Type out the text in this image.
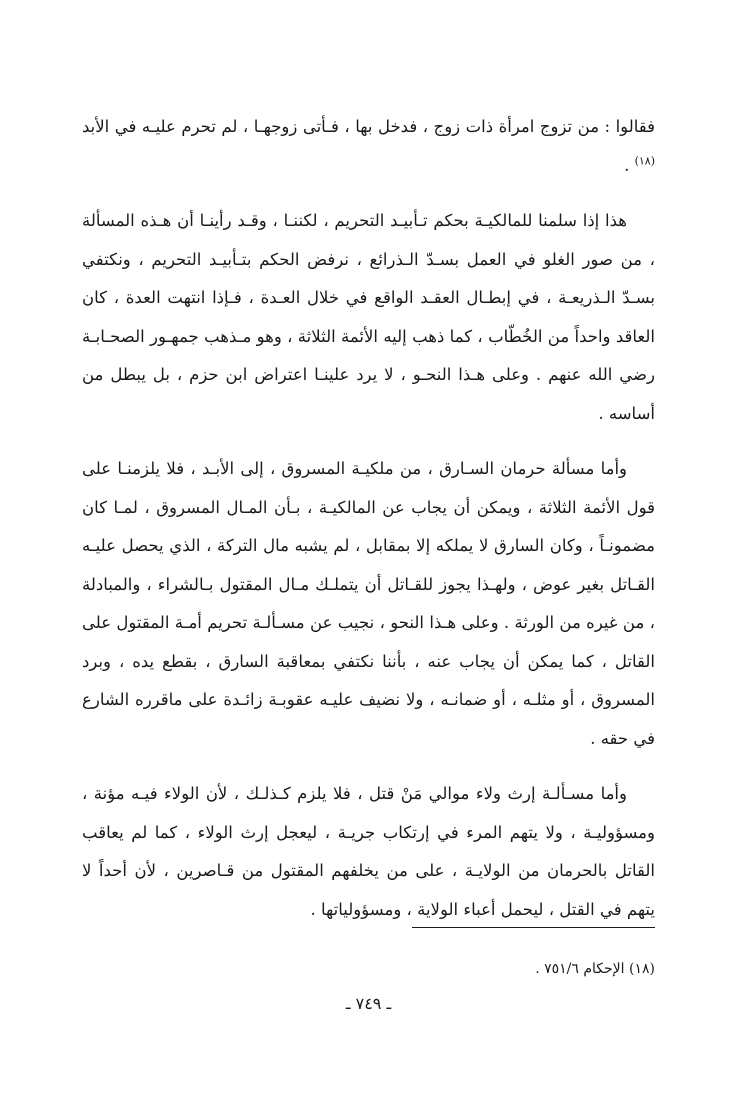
فقالوا : من تزوج امرأة ذات زوج ، فدخل بها ، فـأتى زوجهـا ، لم تحرم عليـه في الأبد $^{(١٨)}$ .

هذا إذا سلمنا للمالكيـة بحكم تـأبيـد التحريم ، لكننـا ، وقـد رأينـا أن هـذه المسألة ، من صور الغلو في العمل بسـدّ الـذرائع ، نرفض الحكم بتـأبيـد التحريم ، ونكتفي بسـدّ الـذريعـة ، في إبطـال العقـد الواقع في خلال العـدة ، فـإذا انتهت العدة ، كان العاقد واحداً من الخُطّاب ، كما ذهب إليه الأئمة الثلاثة ، وهو مـذهب جمهـور الصحـابـة رضي الله عنهم . وعلى هـذا النحـو ، لا يرد علينـا اعتراض ابن حزم ، بل يبطل من أساسه .

وأما مسألة حرمان السـارق ، من ملكيـة المسروق ، إلى الأبـد ، فلا يلزمنـا على قول الأئمة الثلاثة ، ويمكن أن يجاب عن المالكيـة ، بـأن المـال المسروق ، لمـا كان مضمونـاً ، وكان السارق لا يملكه إلا بمقابل ، لم يشبه مال التركة ، الذي يحصل عليـه القـاتل بغير عوض ، ولهـذا يجوز للقـاتل أن يتملـك مـال المقتول بـالشراء ، والمبادلة ، من غيره من الورثة . وعلى هـذا النحو ، نجيب عن مسـألـة تحريم أمـة المقتول على القاتل ، كما يمكن أن يجاب عنه ، بأننا نكتفي بمعاقبة السارق ، بقطع يده ، وبرد المسروق ، أو مثلـه ، أو ضمانـه ، ولا نضيف عليـه عقوبـة زائـدة على ماقرره الشارع في حقه .

وأما مسـألـة إرث ولاء موالي مَنْ قتل ، فلا يلزم كـذلـك ، لأن الولاء فيـه مؤنة ، ومسؤوليـة ، ولا يتهم المرء في إرتكاب جريـة ، ليعجل إرث الولاء ، كما لم يعاقب القاتل بالحرمان من الولايـة ، على من يخلفهم المقتول من قـاصرين ، لأن أحداً لا يتهم في القتل ، ليحمل أعباء الولاية ، ومسؤولياتها .

(١٨) الإحكام ٧٥١/٦ .
ـ ٧٤٩ ـ
